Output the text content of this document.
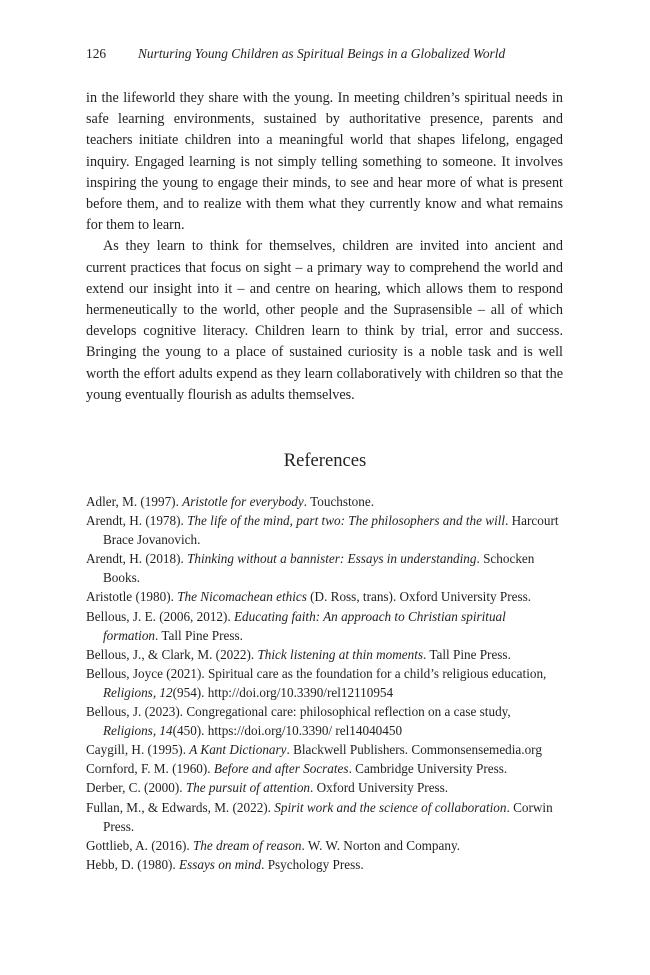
126 Nurturing Young Children as Spiritual Beings in a Globalized World

in the lifeworld they share with the young. In meeting children’s spiritual needs in safe learning environments, sustained by authoritative presence, parents and teachers initiate children into a meaningful world that shapes lifelong, engaged inquiry. Engaged learning is not simply telling something to someone. It involves inspiring the young to engage their minds, to see and hear more of what is present before them, and to realize with them what they currently know and what remains for them to learn.

As they learn to think for themselves, children are invited into ancient and current practices that focus on sight – a primary way to comprehend the world and extend our insight into it – and centre on hearing, which allows them to respond hermeneutically to the world, other people and the Suprasensible – all of which develops cognitive literacy. Children learn to think by trial, error and success. Bringing the young to a place of sustained curiosity is a noble task and is well worth the effort adults expend as they learn collaboratively with children so that the young eventually flourish as adults themselves.

References

Adler, M. (1997). Aristotle for everybody. Touchstone.

Arendt, H. (1978). The life of the mind, part two: The philosophers and the will. Harcourt Brace Jovanovich.

Arendt, H. (2018). Thinking without a bannister: Essays in understanding. Schocken Books.

Aristotle (1980). The Nicomachean ethics (D. Ross, trans). Oxford University Press.

Bellous, J. E. (2006, 2012). Educating faith: An approach to Christian spiritual formation. Tall Pine Press.

Bellous, J., & Clark, M. (2022). Thick listening at thin moments. Tall Pine Press.

Bellous, Joyce (2021). Spiritual care as the foundation for a child’s religious education, Religions, 12(954). http://doi.org/10.3390/rel12110954

Bellous, J. (2023). Congregational care: philosophical reflection on a case study, Religions, 14(450). https://doi.org/10.3390/ rel14040450

Caygill, H. (1995). A Kant Dictionary. Blackwell Publishers. Commonsensemedia.org

Cornford, F. M. (1960). Before and after Socrates. Cambridge University Press.

Derber, C. (2000). The pursuit of attention. Oxford University Press.

Fullan, M., & Edwards, M. (2022). Spirit work and the science of collaboration. Corwin Press.

Gottlieb, A. (2016). The dream of reason. W. W. Norton and Company.

Hebb, D. (1980). Essays on mind. Psychology Press.
